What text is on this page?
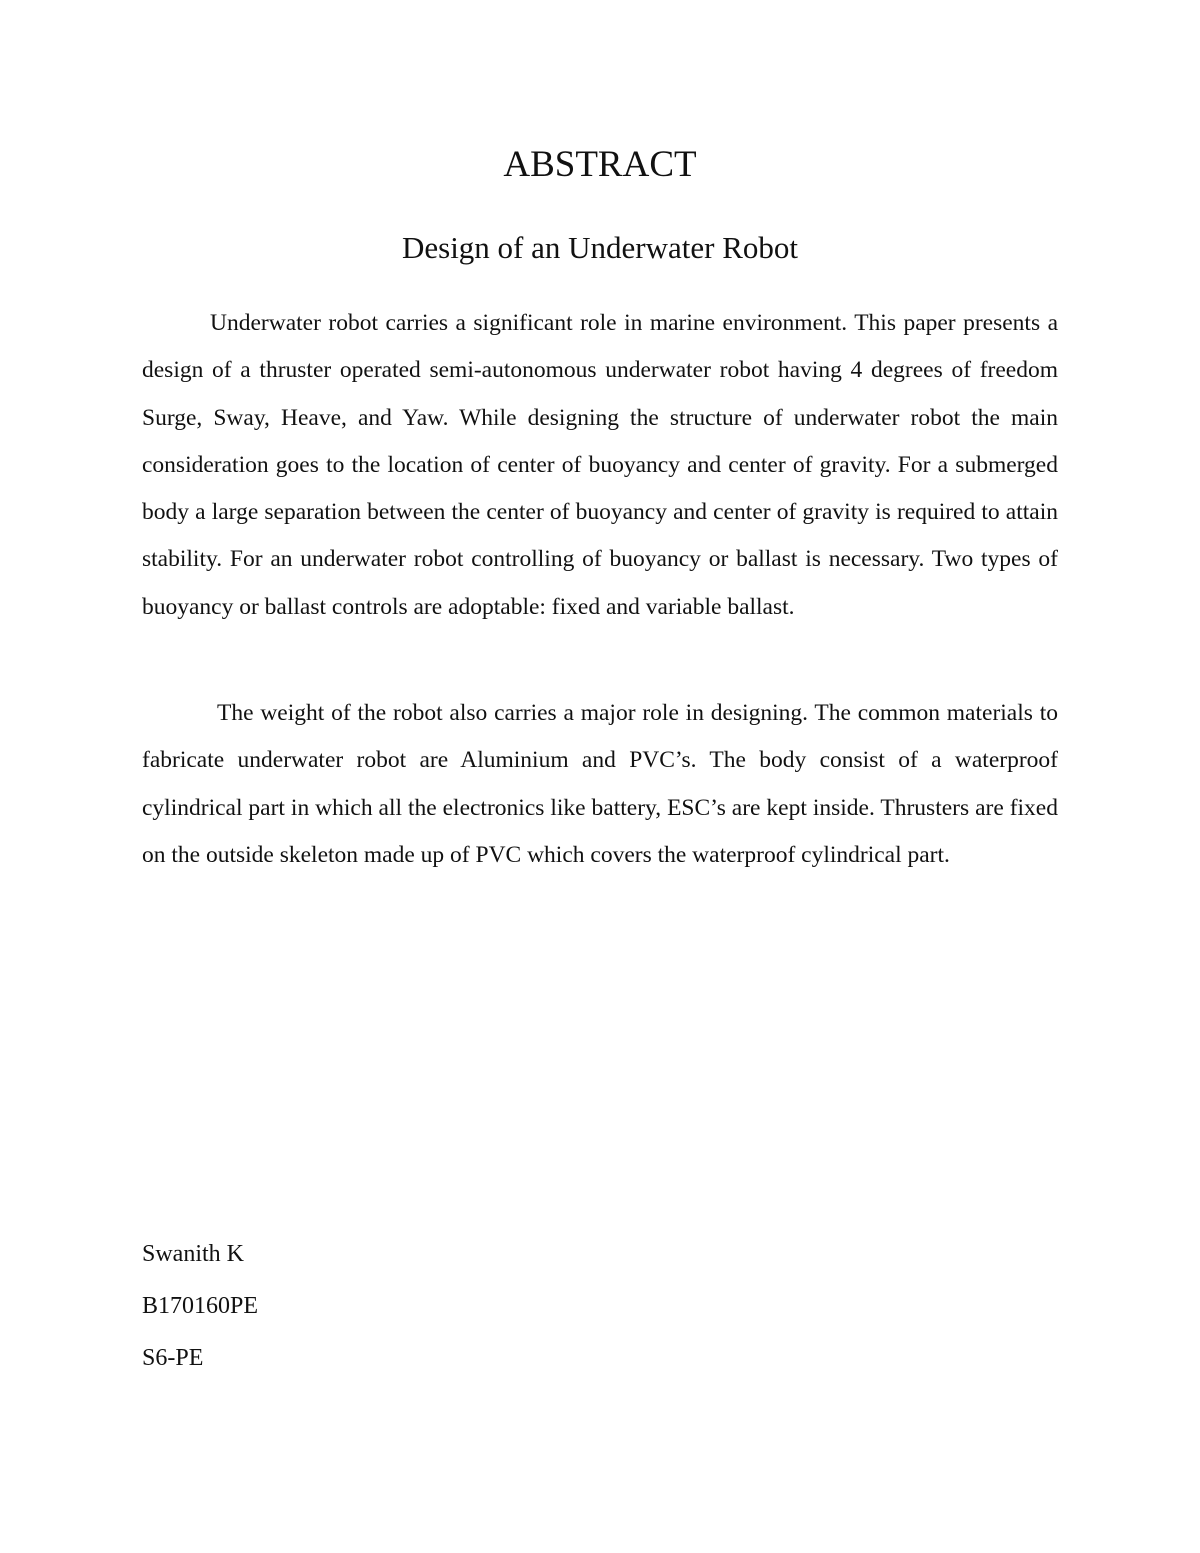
ABSTRACT
Design of an Underwater Robot

Underwater robot carries a significant role in marine environment. This paper presents a design of a thruster operated semi-autonomous underwater robot having 4 degrees of freedom Surge, Sway, Heave, and Yaw. While designing the structure of underwater robot the main consideration goes to the location of center of buoyancy and center of gravity. For a submerged body a large separation between the center of buoyancy and center of gravity is required to attain stability. For an underwater robot controlling of buoyancy or ballast is necessary. Two types of buoyancy or ballast controls are adoptable: fixed and variable ballast.

The weight of the robot also carries a major role in designing. The common materials to fabricate underwater robot are Aluminium and PVC’s. The body consist of a waterproof cylindrical part in which all the electronics like battery, ESC’s are kept inside. Thrusters are fixed on the outside skeleton made up of PVC which covers the waterproof cylindrical part.

Swanith K
B170160PE
S6-PE
